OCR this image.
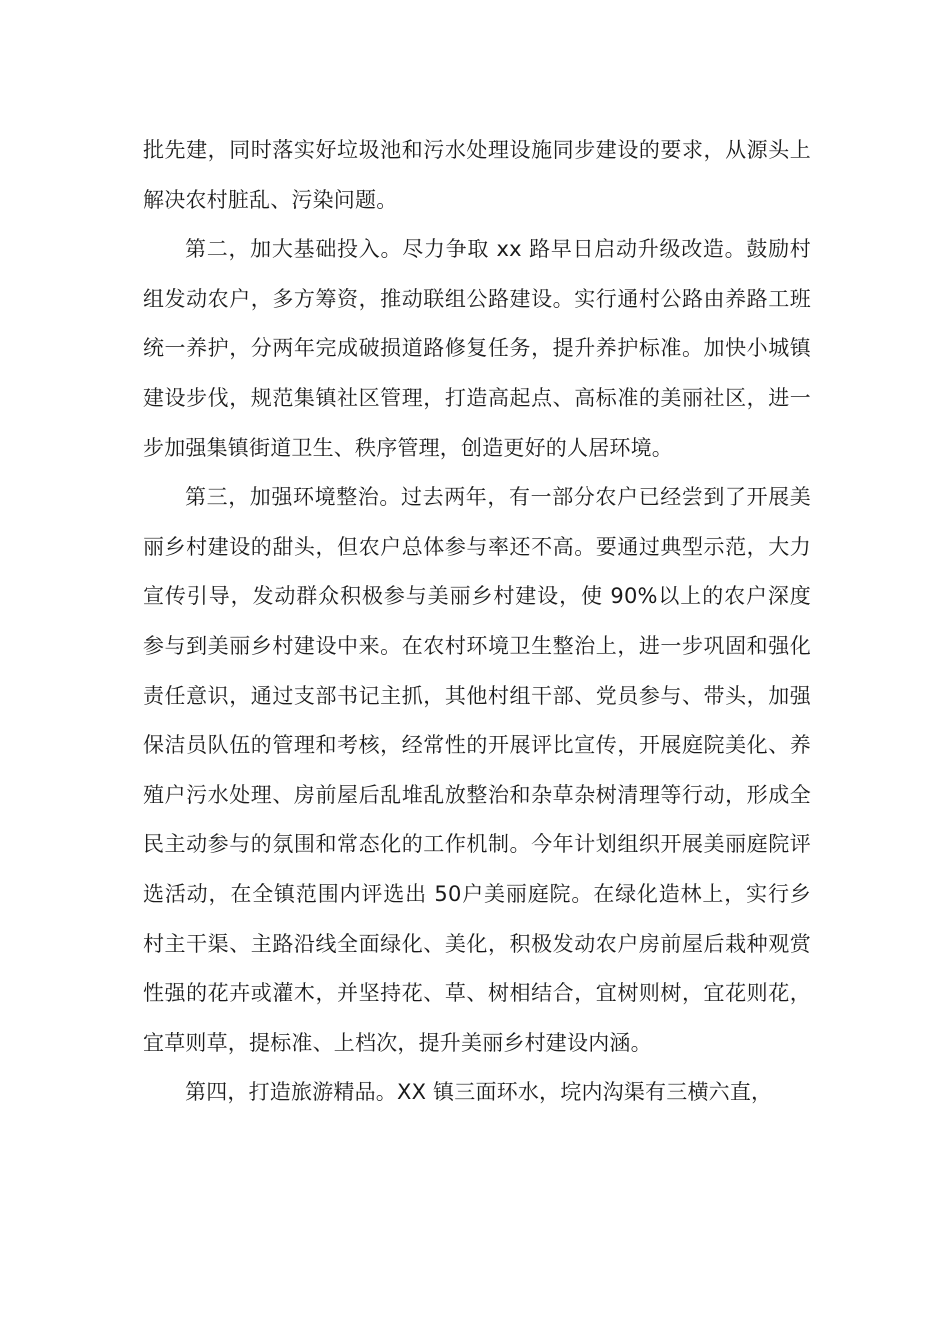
批先建，同时落实好垃圾池和污水处理设施同步建设的要求，从源头上解决农村脏乱、污染问题。

第二，加大基础投入。尽力争取 xx 路早日启动升级改造。鼓励村组发动农户，多方筹资，推动联组公路建设。实行通村公路由养路工班统一养护，分两年完成破损道路修复任务，提升养护标准。加快小城镇建设步伐，规范集镇社区管理，打造高起点、高标准的美丽社区，进一步加强集镇街道卫生、秩序管理，创造更好的人居环境。

第三，加强环境整治。过去两年，有一部分农户已经尝到了开展美丽乡村建设的甜头，但农户总体参与率还不高。要通过典型示范，大力宣传引导，发动群众积极参与美丽乡村建设，使 90%以上的农户深度参与到美丽乡村建设中来。在农村环境卫生整治上，进一步巩固和强化责任意识，通过支部书记主抓，其他村组干部、党员参与、带头，加强保洁员队伍的管理和考核，经常性的开展评比宣传，开展庭院美化、养殖户污水处理、房前屋后乱堆乱放整治和杂草杂树清理等行动，形成全民主动参与的氛围和常态化的工作机制。今年计划组织开展美丽庭院评选活动，在全镇范围内评选出 50户美丽庭院。在绿化造林上，实行乡村主干渠、主路沿线全面绿化、美化，积极发动农户房前屋后栽种观赏性强的花卉或灌木，并坚持花、草、树相结合，宜树则树，宜花则花，宜草则草，提标准、上档次，提升美丽乡村建设内涵。

第四，打造旅游精品。XX 镇三面环水，垸内沟渠有三横六直，
